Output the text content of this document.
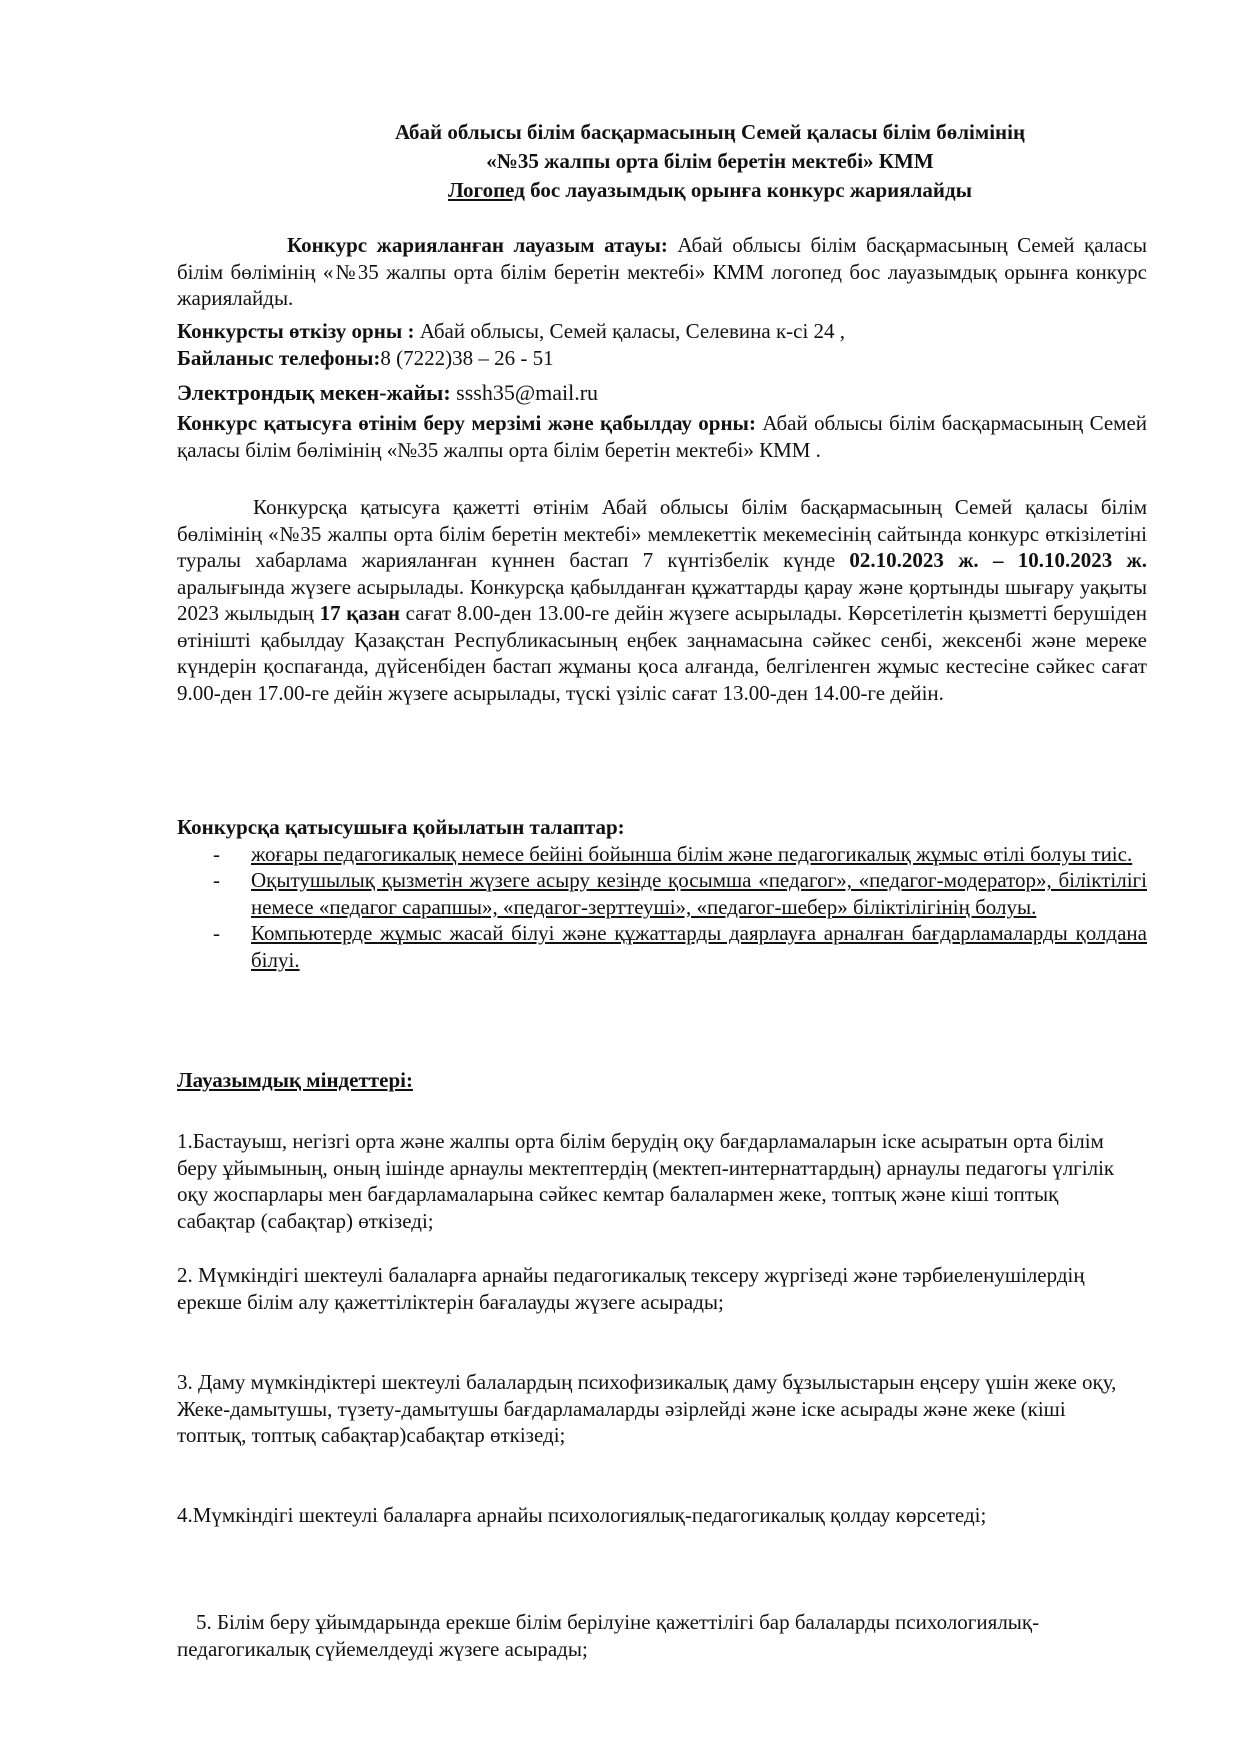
Абай облысы білім басқармасының Семей қаласы білім бөлімінің
«№35 жалпы орта білім беретін мектебі» КММ
Логопед бос лауазымдық орынға конкурс жариялайды
Конкурс жарияланған лауазым атауы: Абай облысы білім басқармасының Семей қаласы білім бөлімінің «№35 жалпы орта білім беретін мектебі» КММ логопед бос лауазымдық орынға конкурс жариялайды.
Конкурсты өткізу орны : Абай облысы, Семей қаласы, Селевина к-сі 24 ,
Байланыс телефоны:8 (7222)38 – 26 - 51
Электрондық мекен-жайы: sssh35@mail.ru
Конкурс қатысуға өтінім беру мерзімі және қабылдау орны: Абай облысы білім басқармасының Семей қаласы білім бөлімінің «№35 жалпы орта білім беретін мектебі» КММ .
Конкурсқа қатысуға қажетті өтінім Абай облысы білім басқармасының Семей қаласы білім бөлімінің «№35 жалпы орта білім беретін мектебі» мемлекеттік мекемесінің сайтында конкурс өткізілетіні туралы хабарлама жарияланған күннен бастап 7 күнтізбелік күнде 02.10.2023 ж. – 10.10.2023 ж. аралығында жүзеге асырылады. Конкурсқа қабылданған құжаттарды қарау және қортынды шығару уақыты 2023 жылыдың 17 қазан сағат 8.00-ден 13.00-ге дейін жүзеге асырылады. Көрсетілетін қызметті берушіден өтінішті қабылдау Қазақстан Республикасының еңбек заңнамасына сәйкес сенбі, жексенбі және мереке күндерін қоспағанда, дүйсенбіден бастап жұманы қоса алғанда, белгіленген жұмыс кестесіне сәйкес сағат 9.00-ден 17.00-ге дейін жүзеге асырылады, түскі үзіліс сағат 13.00-ден 14.00-ге дейін.
Конкурсқа қатысушыға қойылатын талаптар:
- жоғары педагогикалық немесе бейіні бойынша білім және педагогикалық жұмыс өтілі болуы тиіс.
- Оқытушылық қызметін жүзеге асыру кезінде қосымша «педагог», «педагог-модератор», біліктілігі немесе «педагог сарапшы», «педагог-зерттеуші», «педагог-шебер» біліктілігінің болуы.
- Компьютерде жұмыс жасай білуі және құжаттарды даярлауға арналған бағдарламаларды қолдана білуі.
Лауазымдық міндеттері:

1.Бастауыш, негізгі орта және жалпы орта білім берудің оқу бағдарламаларын іске асыратын орта білім беру ұйымының, оның ішінде арнаулы мектептердің (мектеп-интернаттардың) арнаулы педагогы үлгілік оқу жоспарлары мен бағдарламаларына сәйкес кемтар балалармен жеке, топтық және кіші топтық сабақтар (сабақтар) өткізеді;

2. Мүмкіндігі шектеулі балаларға арнайы педагогикалық тексеру жүргізеді және тәрбиеленушілердің ерекше білім алу қажеттіліктерін бағалауды жүзеге асырады;

3. Даму мүмкіндіктері шектеулі балалардың психофизикалық даму бұзылыстарын еңсеру үшін жеке оқу, Жеке-дамытушы, түзету-дамытушы бағдарламаларды әзірлейді және іске асырады және жеке (кіші топтық, топтық сабақтар)сабақтар өткізеді;

4.Мүмкіндігі шектеулі балаларға арнайы психологиялық-педагогикалық қолдау көрсетеді;

5. Білім беру ұйымдарында ерекше білім берілуіне қажеттілігі бар балаларды психологиялық-педагогикалық сүйемелдеуді жүзеге асырады;
